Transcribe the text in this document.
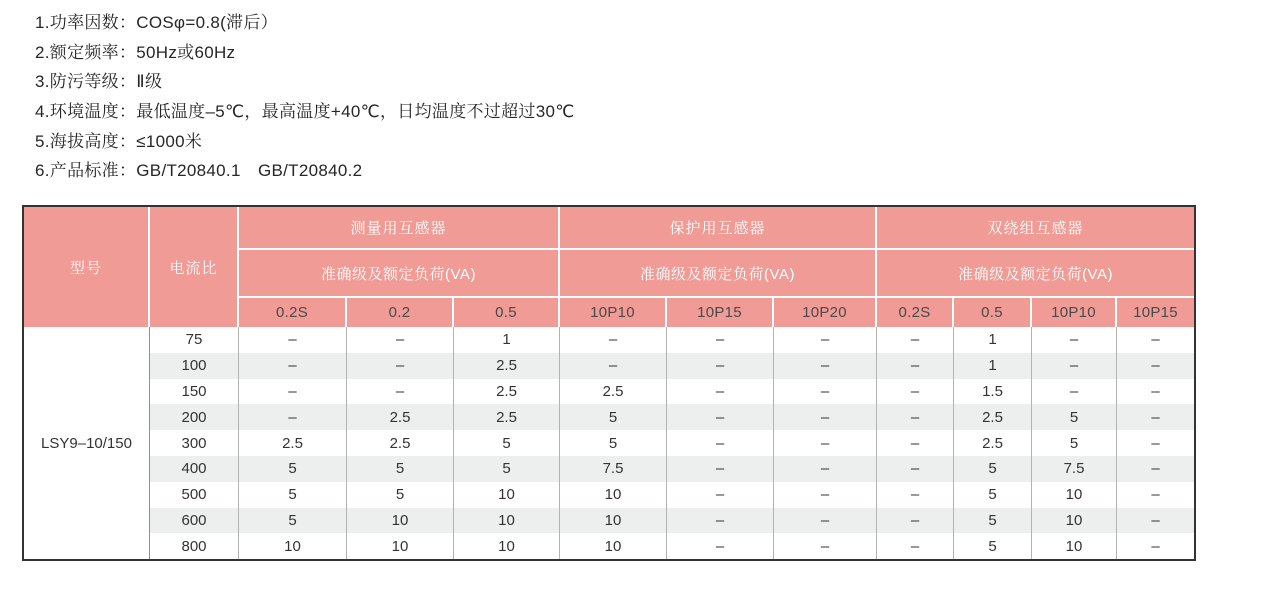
1.功率因数：COSφ=0.8(滞后）
2.额定频率：50Hz或60Hz
3.防污等级：Ⅱ级
4.环境温度：最低温度–5℃，最高温度+40℃，日均温度不过超过30℃
5.海拔高度：≤1000米
6.产品标准：GB/T20840.1　GB/T20840.2
型号	电流比	测量用互感器			保护用互感器			双绕组互感器			
		准确级及额定负荷(VA)			准确级及额定负荷(VA)			准确级及额定负荷(VA)			
		0.2S	0.2	0.5	10P10	10P15	10P20	0.2S	0.5	10P10	10P15
LSY9–10/150	75	–	–	1	–	–	–	–	1	–	–
	100	–	–	2.5	–	–	–	–	1	–	–
	150	–	–	2.5	2.5	–	–	–	1.5	–	–
	200	–	2.5	2.5	5	–	–	–	2.5	5	–
	300	2.5	2.5	5	5	–	–	–	2.5	5	–
	400	5	5	5	7.5	–	–	–	5	7.5	–
	500	5	5	10	10	–	–	–	5	10	–
	600	5	10	10	10	–	–	–	5	10	–
	800	10	10	10	10	–	–	–	5	10	–
